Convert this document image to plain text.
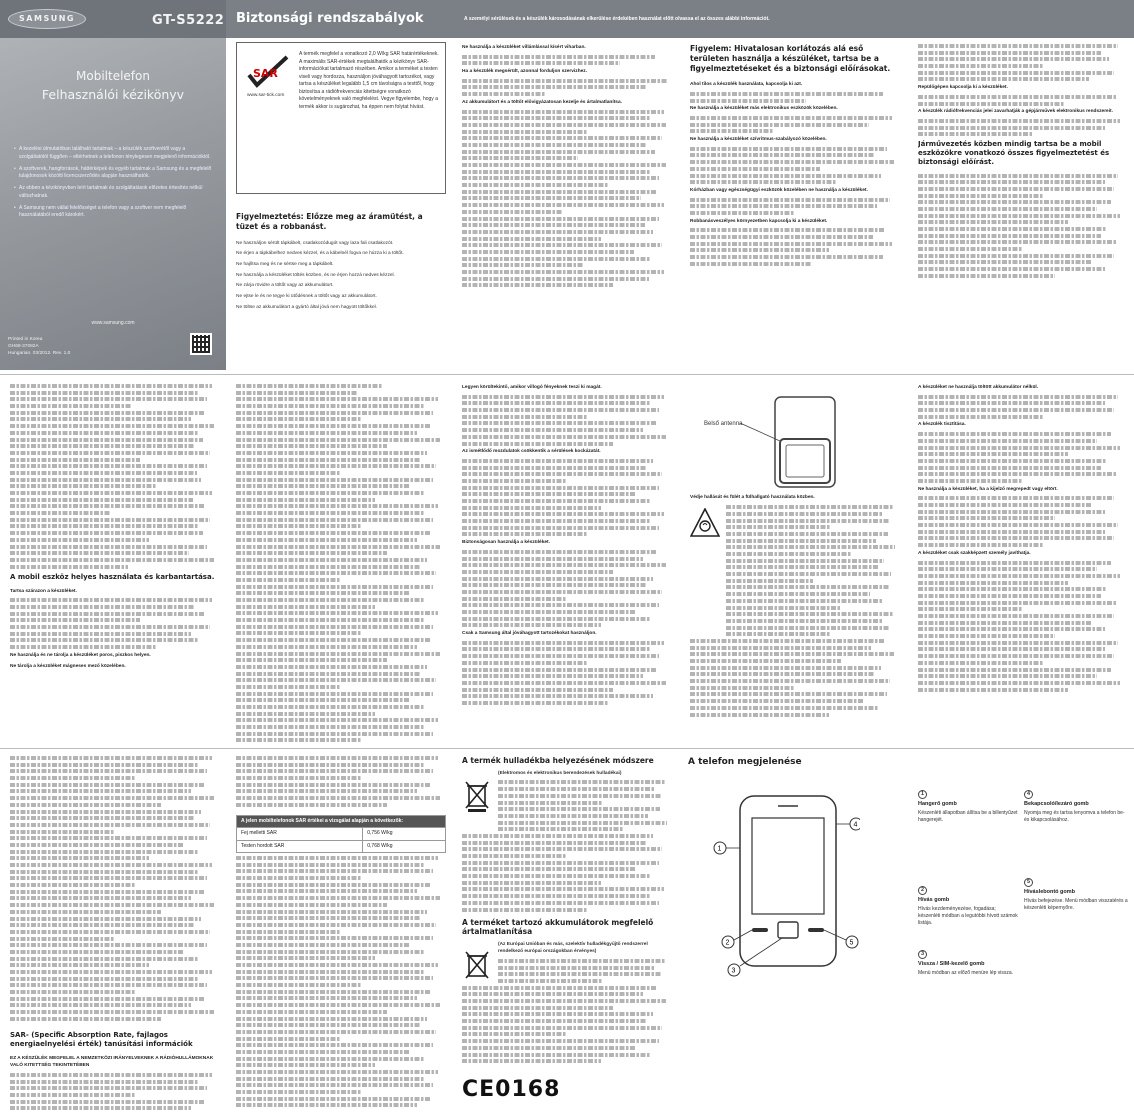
SAMSUNG	GT-S5222
Mobiltelefon
Felhasználói kézikönyv
• A kezelési útmutatóban található tartalmak – a készülék szoftverétől vagy a szolgáltatótól függően – eltérhetnek a telefonon ténylegesen megjelenő információktól.
• A szoftverek, hangforrások, háttérképek és egyéb tartalmak a Samsung és a megfelelő tulajdonosok közötti licencszerződés alapján használhatók.
• Az ebben a kézikönyvben leírt tartalmak és szolgáltatások előzetes értesítés nélkül változhatnak.
• A Samsung nem vállal felelősséget a telefon vagy a szoftver nem megfelelő használatából eredő károkért.
www.samsung.com
Printed in Korea
GH68-37082A
Hungarian. 03/2012. Rev. 1.0
Biztonsági rendszabályok	A személyi sérülések és a készülék károsodásának elkerülése érdekében használat előtt olvassa el az összes alábbi információt.
SAR
www.sar-tick.com
A termék megfelel a vonatkozó 2,0 W/kg SAR határértékeknek. A maximális SAR-értékek megtalálhatók a kézikönyv SAR-információkat tartalmazó részében. Amikor a terméket a testen viseli vagy hordozza, használjon jóváhagyott tartozékot, vagy tartsa a készüléket legalább 1,5 cm távolságra a testtől, hogy biztosítsa a rádiófrekvenciás kitettségre vonatkozó követelményeknek való megfelelést. Vegye figyelembe, hogy a termék akkor is sugározhat, ha éppen nem folytat hívást.

Figyelmeztetés: Előzze meg az áramütést, a tüzet és a robbanást.

Ne használjon sérült tápkábelt, csatlakozódugót vagy laza fali csatlakozót.

Ne érjen a tápkábelhez nedves kézzel, és a kábelnél fogva ne húzza ki a töltőt.

Ne hajlítsa meg és ne sértse meg a tápkábelt.

Ne használja a készüléket töltés közben, és ne érjen hozzá nedves kézzel.

Ne zárja rövidre a töltőt vagy az akkumulátort.

Ne ejtse le és ne tegye ki ütődésnek a töltőt vagy az akkumulátort.

Ne töltse az akkumulátort a gyártó által jóvá nem hagyott töltőkkel.

Ne használja a készüléket villámlással kísért viharban.

Ha a készülék megsérült, azonnal forduljon szervizhez.

Az akkumulátort és a töltőt elővigyázatosan kezelje és ártalmatlanítsa.

Figyelem: Hivatalosan korlátozás alá eső területen használja a készüléket, tartsa be a figyelmeztetéseket és a biztonsági előírásokat.

Ahol tilos a készülék használata, kapcsolja ki azt.

Ne használja a készüléket más elektronikus eszközök közelében.

Ne használja a készüléket szívritmus-szabályozó közelében.

Kórházban vagy egészségügyi eszközök közelében ne használja a készüléket.

Robbanásveszélyes környezetben kapcsolja ki a készüléket.

Repülőgépen kapcsolja ki a készüléket.

A készülék rádiófrekvenciás jelei zavarhatják a gépjárművek elektronikus rendszereit.

Járművezetés közben mindig tartsa be a mobil eszközökre vonatkozó összes figyelmeztetést és biztonsági előírást.
A mobil eszköz helyes használata és karbantartása.

Tartsa szárazon a készüléket.

Ne használja és ne tárolja a készüléket poros, piszkos helyen.

Ne tárolja a készüléket mágneses mező közelében.

Legyen körültekintő, amikor villogó fényeknek teszi ki magát.

Az ismétlődő mozdulatok csökkentik a sérülések kockázatát.

Biztonságosan használja a készüléket.

Csak a Samsung által jóváhagyott tartozékokat használjon.

Belső antenna

Védje hallását és fülét a fülhallgató használata közben.

A készüléket ne használja töltött akkumulátor nélkül.

A készülék tisztítása.

Ne használja a készüléket, ha a kijelző megrepedt vagy eltört.

A készüléket csak szakképzett személy javíthatja.

SAR- (Specific Absorption Rate, fajlagos energiaelnyelési érték) tanúsítási információk

EZ A KÉSZÜLÉK MEGFELEL A NEMZETKÖZI IRÁNYELVEKNEK A RÁDIÓHULLÁMOKNAK VALÓ KITETTSÉG TEKINTETÉBEN

A jelen mobiltelefonok SAR értékei a vizsgálat alapján a következők:	
Fej melletti SAR	0,756 W/kg
Testen hordott SAR	0,768 W/kg

A termék hulladékba helyezésének módszere

(Elektromos és elektronikus berendezések hulladékai)

A terméket tartozó akkumulátorok megfelelő ártalmatlanítása

(Az Európai Unióban és más, szelektív hulladékgyűjtő rendszerrel rendelkező európai országokban érvényes)

CE0168
A telefon megjelenése
1
4
2	5
3
1
Hangerő gomb
Készenléti állapotban állítsa be a billentyűzet hangerejét.
2
Hívás gomb
Hívás kezdeményezése, fogadása; készenléti módban a legutóbbi hívott számok listája.
3
Vissza / SIM-kezelő gomb
Menü módban az előző menüre lép vissza.
4
Bekapcsoló/lezáró gomb
Nyomja meg és tartsa lenyomva a telefon be- és kikapcsolásához.
5
Híváslebontó gomb
Hívás befejezése. Menü módban visszatérés a készenléti képernyőre.
